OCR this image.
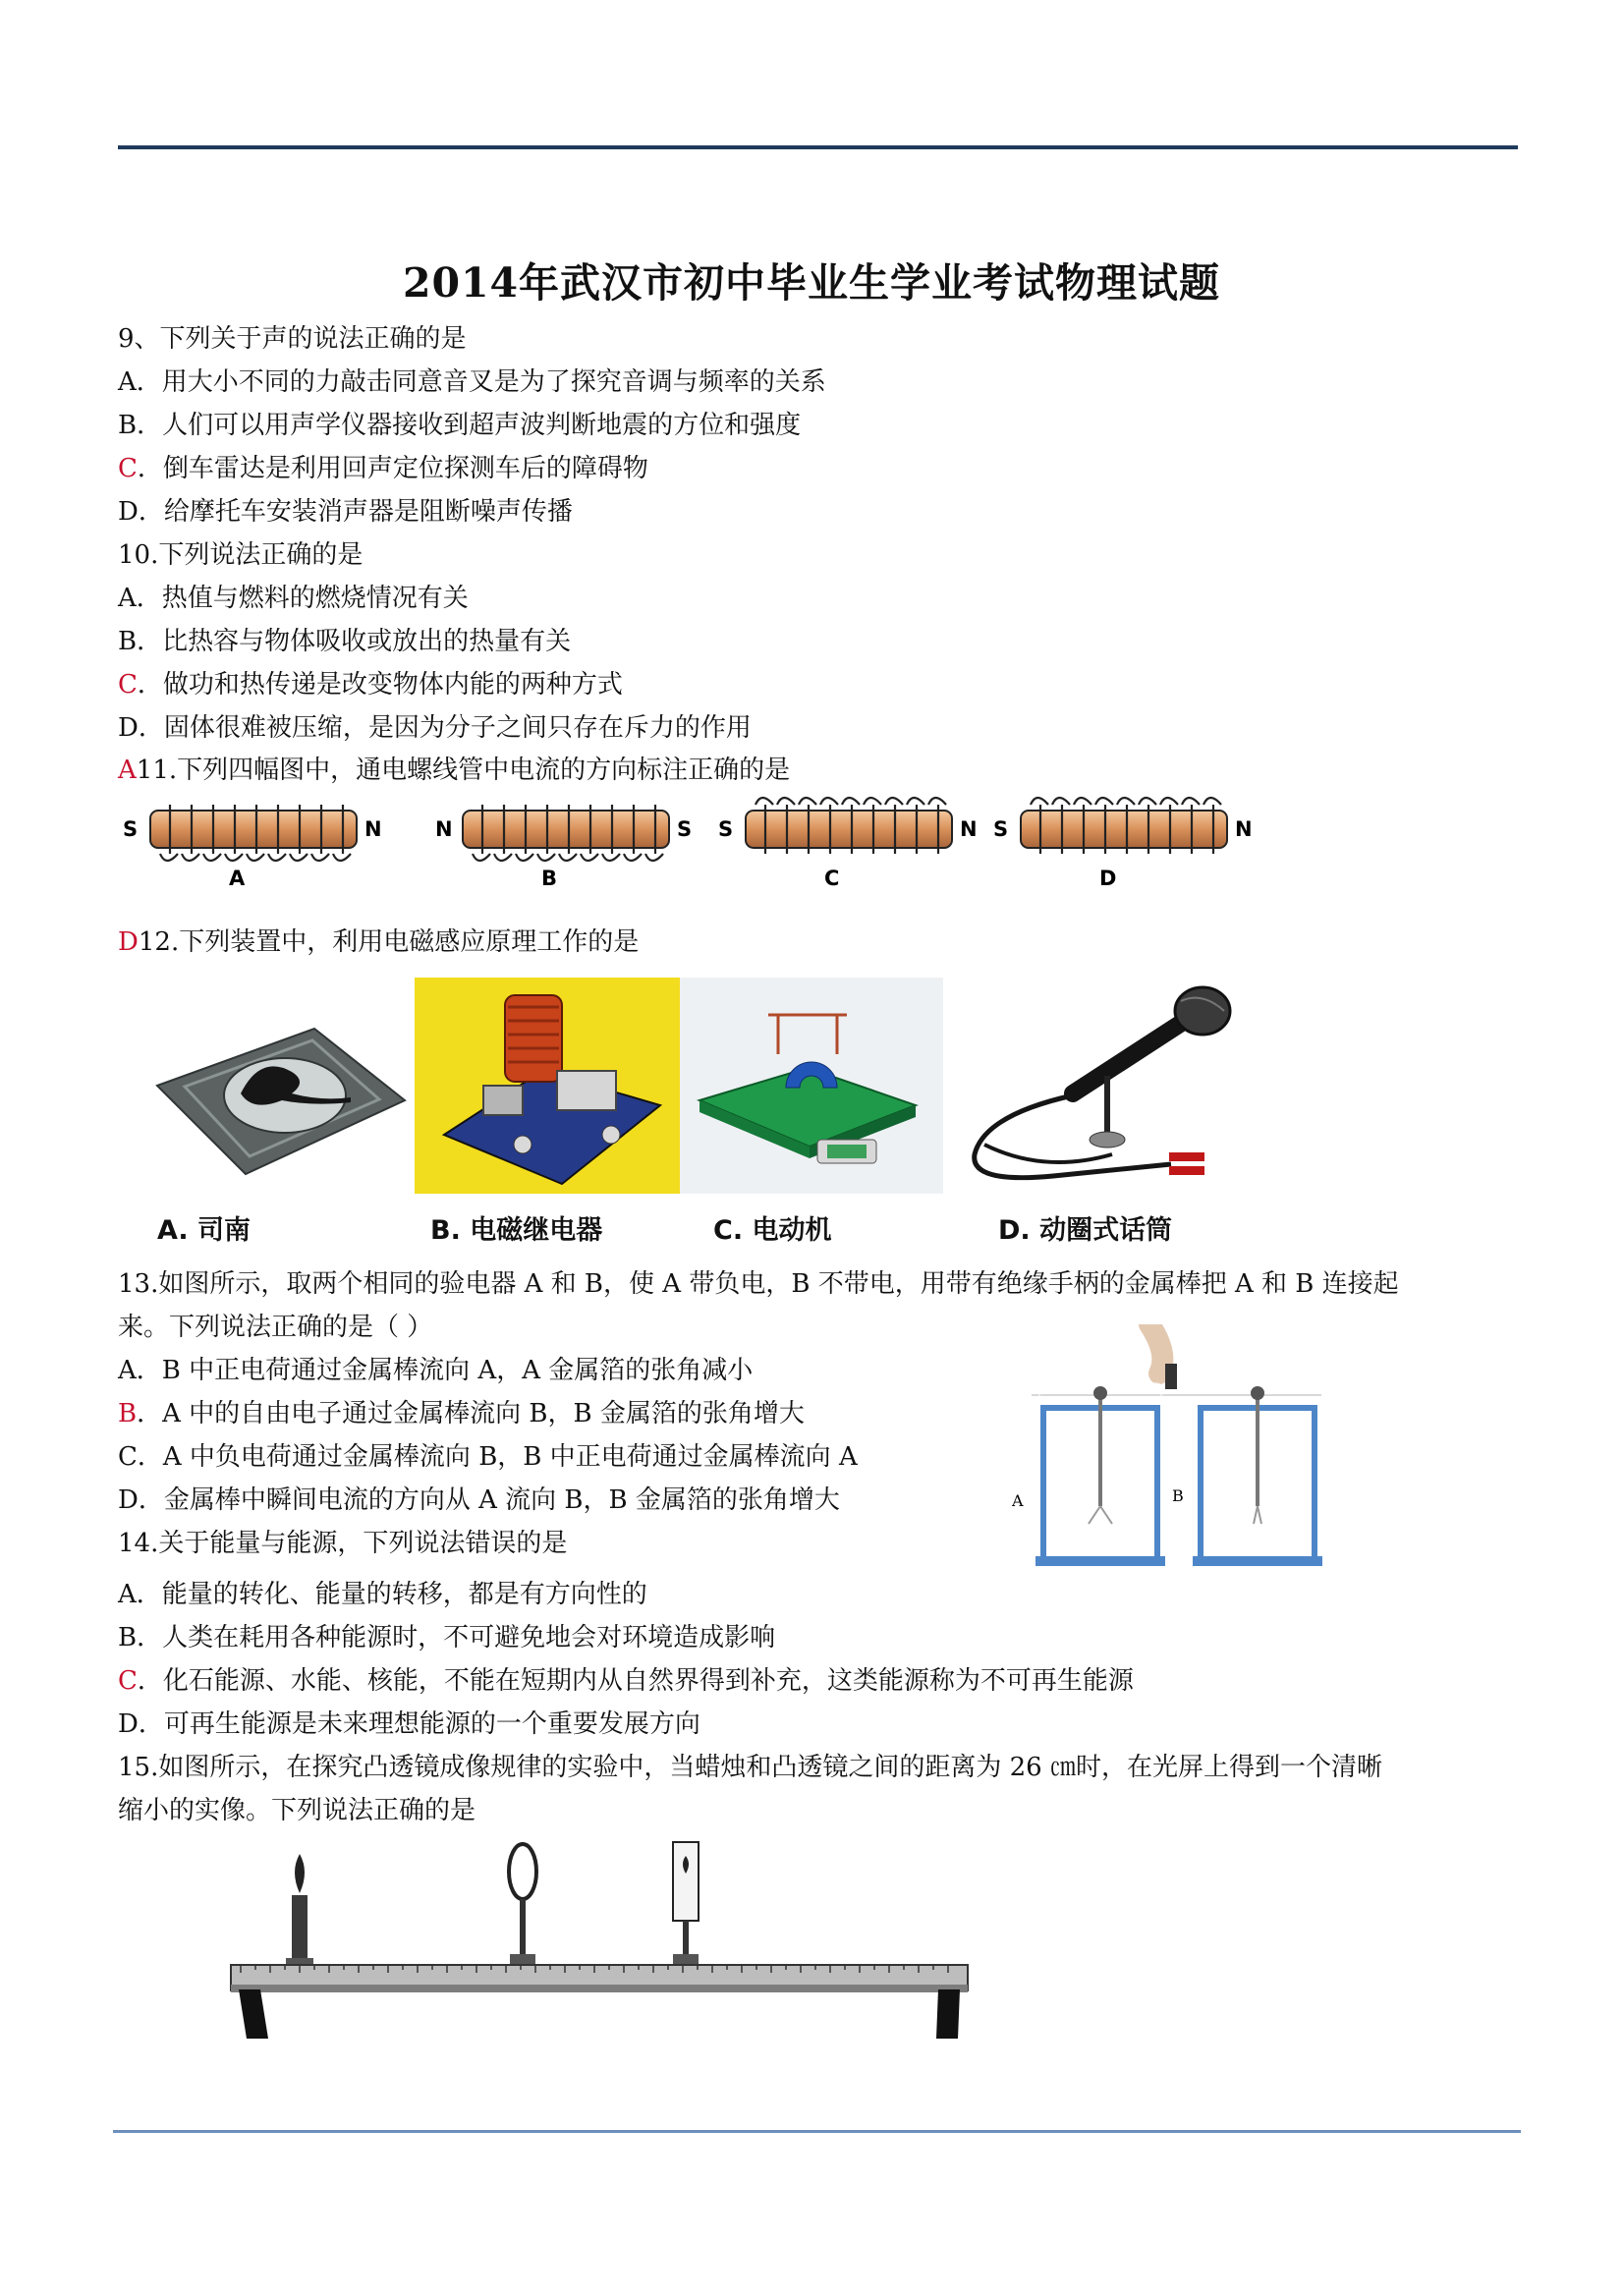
2014年武汉市初中毕业生学业考试物理试题
9、下列关于声的说法正确的是
A．用大小不同的力敲击同意音叉是为了探究音调与频率的关系
B．人们可以用声学仪器接收到超声波判断地震的方位和强度
C．倒车雷达是利用回声定位探测车后的障碍物
D．给摩托车安装消声器是阻断噪声传播
10.下列说法正确的是
A．热值与燃料的燃烧情况有关
B．比热容与物体吸收或放出的热量有关
C．做功和热传递是改变物体内能的两种方式
D．固体很难被压缩，是因为分子之间只存在斥力的作用
A11.下列四幅图中，通电螺线管中电流的方向标注正确的是
S	N
A
N	S
B
S	N
C
S	N
D
D12.下列装置中，利用电磁感应原理工作的是
A. 司南	B. 电磁继电器	C. 电动机	D. 动圈式话筒
13.如图所示，取两个相同的验电器 A 和 B，使 A 带负电，B 不带电，用带有绝缘手柄的金属棒把 A 和 B 连接起
来。下列说法正确的是（ ）
A．B 中正电荷通过金属棒流向 A，A 金属箔的张角减小
B．A 中的自由电子通过金属棒流向 B，B 金属箔的张角增大
C．A 中负电荷通过金属棒流向 B，B 中正电荷通过金属棒流向 A
D．金属棒中瞬间电流的方向从 A 流向 B，B 金属箔的张角增大	A	B
14.关于能量与能源，下列说法错误的是
A．能量的转化、能量的转移，都是有方向性的
B．人类在耗用各种能源时，不可避免地会对环境造成影响
C．化石能源、水能、核能，不能在短期内从自然界得到补充，这类能源称为不可再生能源
D．可再生能源是未来理想能源的一个重要发展方向
15.如图所示，在探究凸透镜成像规律的实验中，当蜡烛和凸透镜之间的距离为 26 ㎝时，在光屏上得到一个清晰
缩小的实像。下列说法正确的是
